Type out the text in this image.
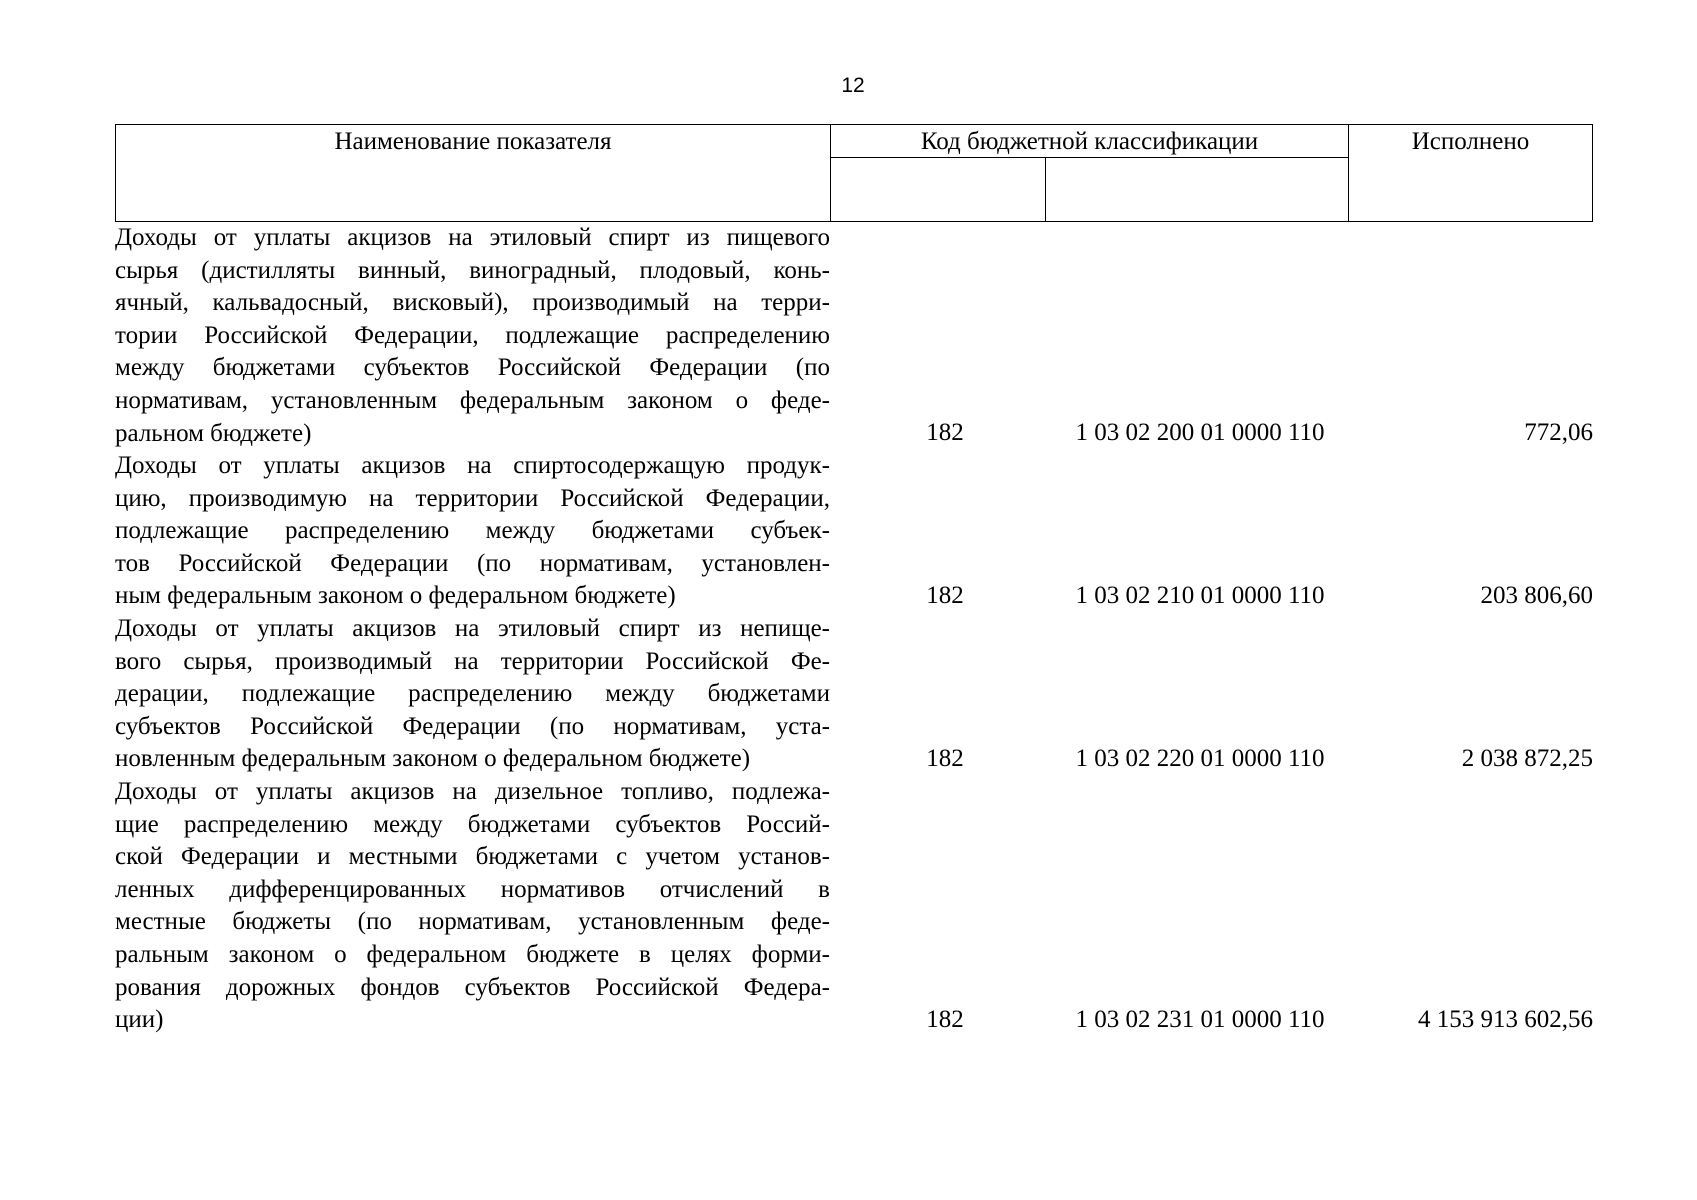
12
Наименование показателя	Код бюджетной классификации	Исполнено
Доходы от уплаты акцизов на этиловый спирт из пищевого
сырья (дистилляты винный, виноградный, плодовый, конь-
ячный, кальвадосный, висковый), производимый на терри-
тории Российской Федерации, подлежащие распределению
между бюджетами субъектов Российской Федерации (по
нормативам, установленным федеральным законом о феде-
ральном бюджете)	182	1 03 02 200 01 0000 110	772,06
Доходы от уплаты акцизов на спиртосодержащую продук-
цию, производимую на территории Российской Федерации,
подлежащие распределению между бюджетами субъек-
тов Российской Федерации (по нормативам, установлен-
ным федеральным законом о федеральном бюджете)	182	1 03 02 210 01 0000 110	203 806,60
Доходы от уплаты акцизов на этиловый спирт из непище-
вого сырья, производимый на территории Российской Фе-
дерации, подлежащие распределению между бюджетами
субъектов Российской Федерации (по нормативам, уста-
новленным федеральным законом о федеральном бюджете)	182	1 03 02 220 01 0000 110	2 038 872,25
Доходы от уплаты акцизов на дизельное топливо, подлежа-
щие распределению между бюджетами субъектов Россий-
ской Федерации и местными бюджетами с учетом установ-
ленных дифференцированных нормативов отчислений в
местные бюджеты (по нормативам, установленным феде-
ральным законом о федеральном бюджете в целях форми-
рования дорожных фондов субъектов Российской Федера-
ции)	182	1 03 02 231 01 0000 110	4 153 913 602,56
